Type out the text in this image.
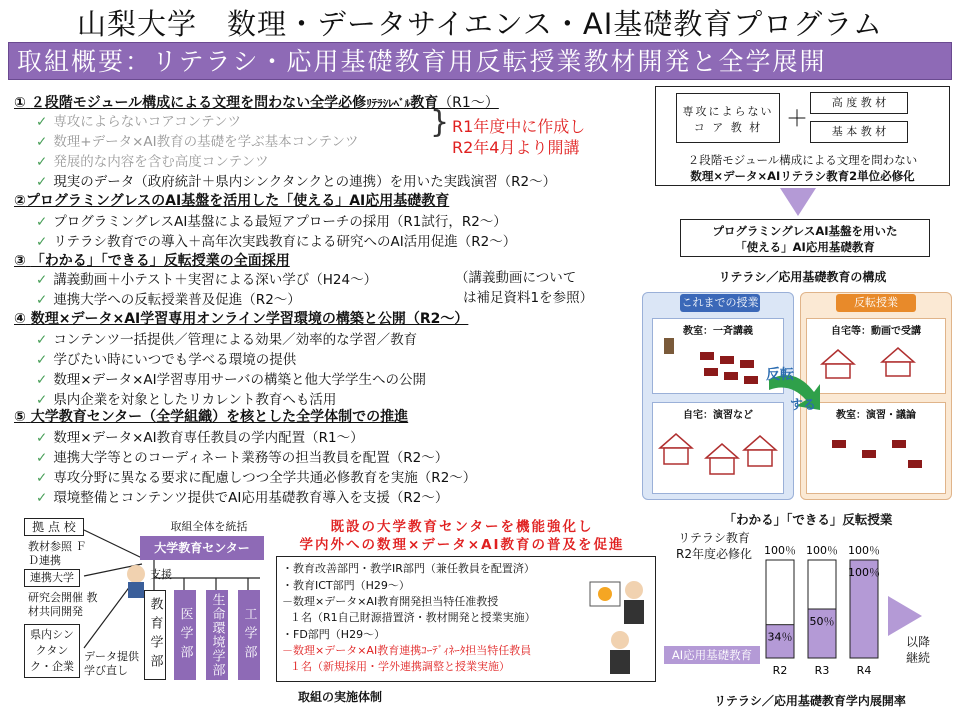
山梨大学　数理・データサイエンス・AI基礎教育プログラム
取組概要：リテラシ・応用基礎教育用反転授業教材開発と全学展開
① ２段階モジュール構成による文理を問わない全学必修ﾘﾃﾗｼﾚﾍﾞﾙ教育（R1〜）
✓ 専攻によらないコアコンテンツ
✓ 数理+データ×AI教育の基礎を学ぶ基本コンテンツ
✓ 発展的な内容を含む高度コンテンツ
✓ 現実のデータ（政府統計＋県内シンクタンクとの連携）を用いた実践演習（R2〜）
} R1年度中に作成し
R2年4月より開講
②プログラミングレスのAI基盤を活用した「使える」AI応用基礎教育
✓ プログラミングレスAI基盤による最短アプローチの採用（R1試行，R2〜）
✓ リテラシ教育での導入＋高年次実践教育による研究へのAI活用促進（R2〜）
③ 「わかる」「できる」反転授業の全面採用
✓ 講義動画＋小テスト＋実習による深い学び（H24〜）
✓ 連携大学への反転授業普及促進（R2〜）
（講義動画について
は補足資料1を参照）
④ 数理×データ×AI学習専用オンライン学習環境の構築と公開（R2〜）
✓ コンテンツ一括提供／管理による効果／効率的な学習／教育
✓ 学びたい時にいつでも学べる環境の提供
✓ 数理×データ×AI学習専用サーバの構築と他大学学生への公開
✓ 県内企業を対象としたリカレント教育へも活用
⑤ 大学教育センター（全学組織）を核とした全学体制での推進
✓ 数理×データ×AI教育専任教員の学内配置（R1〜）
✓ 連携大学等とのコーディネート業務等の担当教員を配置（R2〜）
✓ 専攻分野に異なる要求に配慮しつつ全学共通必修教育を実施（R2〜）
✓ 環境整備とコンテンツ提供でAI応用基礎教育導入を支援（R2〜）
専攻によらない コ ア 教 材	＋
高 度 教 材
基 本 教 材
２段階モジュール構成による文理を問わない
数理×データ×AIリテラシ教育2単位必修化
プログラミングレスAI基盤を用いた
「使える」AI応用基礎教育
リテラシ／応用基礎教育の構成
これまでの授業
教室：一斉講義
自宅：演習など
反転授業
自宅等：動画で受講
教室：演習・議論
反転
する
拠 点 校
教材参照 ＦＤ連携
連携大学
研究会開催 教材共同開発
県内シンクタンク・企業
データ提供 学び直し
取組全体を統括
大学教育センター
支援
教育学部 医学部 生命環境学部 工学部
取組の実施体制
既設の大学教育センターを機能強化し
学内外への数理×データ×AI教育の普及を促進
・教育改善部門・教学IR部門（兼任教員を配置済）
・教育ICT部門（H29〜）
－数理×データ×AI教育開発担当特任准教授
１名（R1自己財源措置済・教材開発と授業実施）
・FD部門（H29〜）
－数理×データ×AI教育連携ｺｰﾃﾞｨﾈｰﾀ担当特任教員
１名（新規採用・学外連携調整と授業実施）
「わかる」「できる」反転授業
リテラシ教育
R2年度必修化
AI応用基礎教育
100％
34％
R2
100％
50％
R3
100％
100％
R4
以降
継続
リテラシ／応用基礎教育学内展開率
